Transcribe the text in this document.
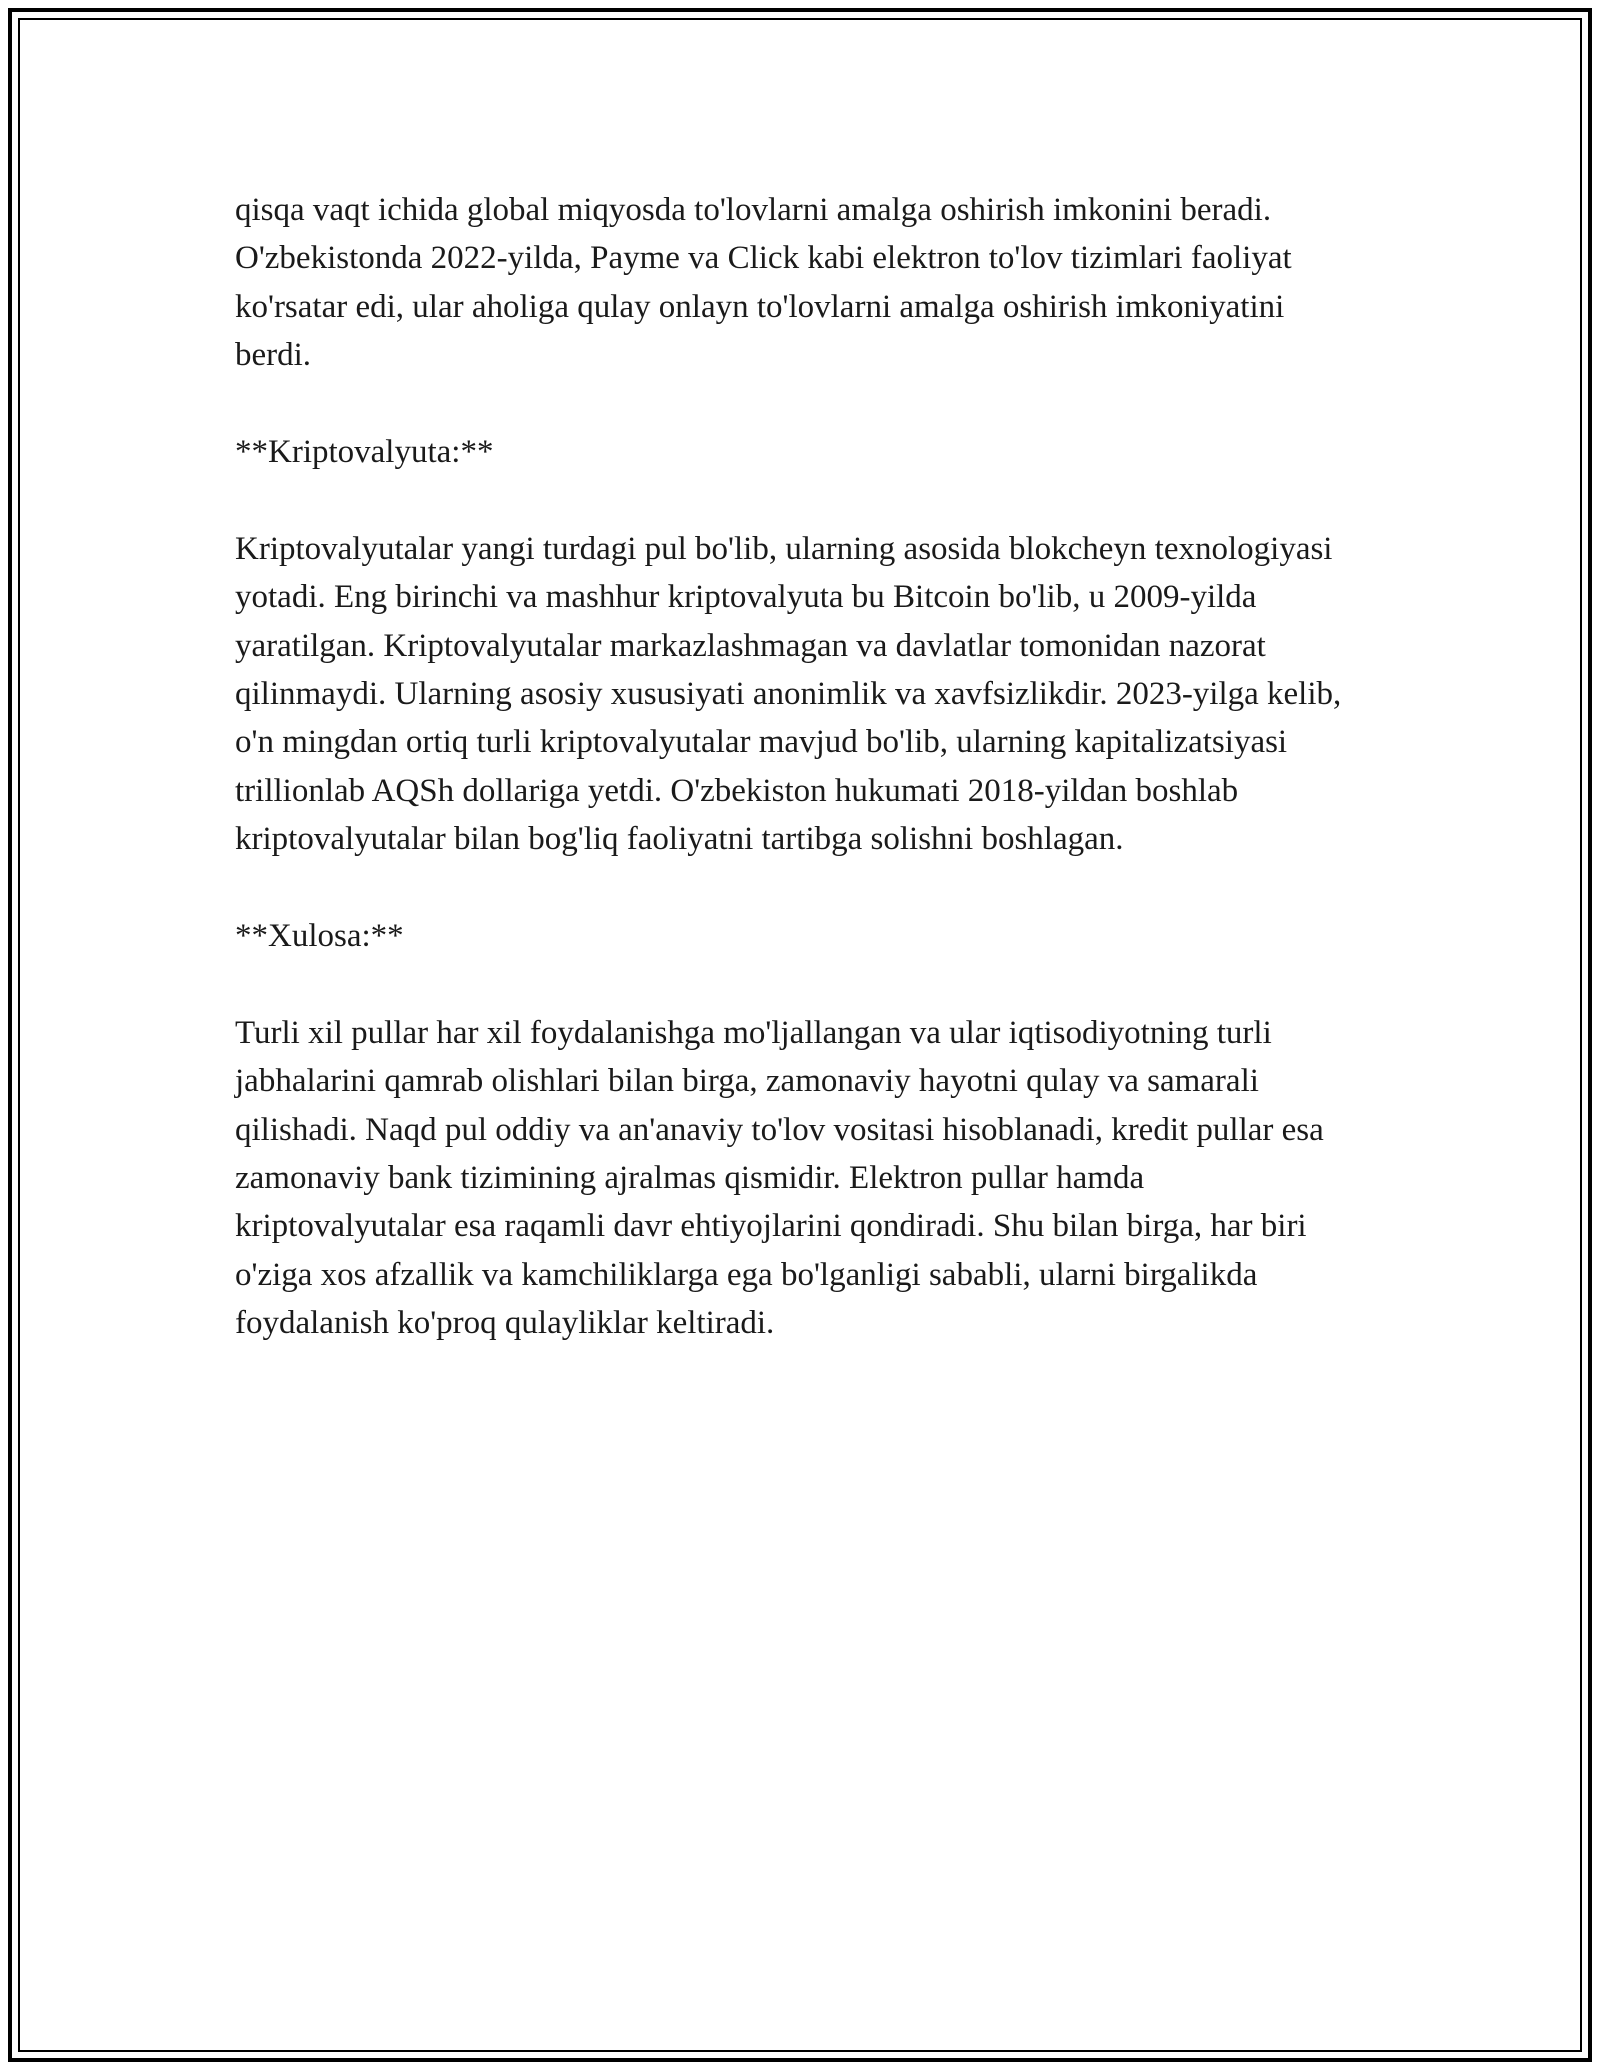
qisqa vaqt ichida global miqyosda to'lovlarni amalga oshirish imkonini beradi. O'zbekistonda 2022-yilda, Payme va Click kabi elektron to'lov tizimlari faoliyat ko'rsatar edi, ular aholiga qulay onlayn to'lovlarni amalga oshirish imkoniyatini berdi.

**Kriptovalyuta:**

Kriptovalyutalar yangi turdagi pul bo'lib, ularning asosida blokcheyn texnologiyasi yotadi. Eng birinchi va mashhur kriptovalyuta bu Bitcoin bo'lib, u 2009-yilda yaratilgan. Kriptovalyutalar markazlashmagan va davlatlar tomonidan nazorat qilinmaydi. Ularning asosiy xususiyati anonimlik va xavfsizlikdir. 2023-yilga kelib, o'n mingdan ortiq turli kriptovalyutalar mavjud bo'lib, ularning kapitalizatsiyasi trillionlab AQSh dollariga yetdi. O'zbekiston hukumati 2018-yildan boshlab kriptovalyutalar bilan bog'liq faoliyatni tartibga solishni boshlagan.

**Xulosa:**

Turli xil pullar har xil foydalanishga mo'ljallangan va ular iqtisodiyotning turli jabhalarini qamrab olishlari bilan birga, zamonaviy hayotni qulay va samarali qilishadi. Naqd pul oddiy va an'anaviy to'lov vositasi hisoblanadi, kredit pullar esa zamonaviy bank tizimining ajralmas qismidir. Elektron pullar hamda kriptovalyutalar esa raqamli davr ehtiyojlarini qondiradi. Shu bilan birga, har biri o'ziga xos afzallik va kamchiliklarga ega bo'lganligi sababli, ularni birgalikda foydalanish ko'proq qulayliklar keltiradi.
